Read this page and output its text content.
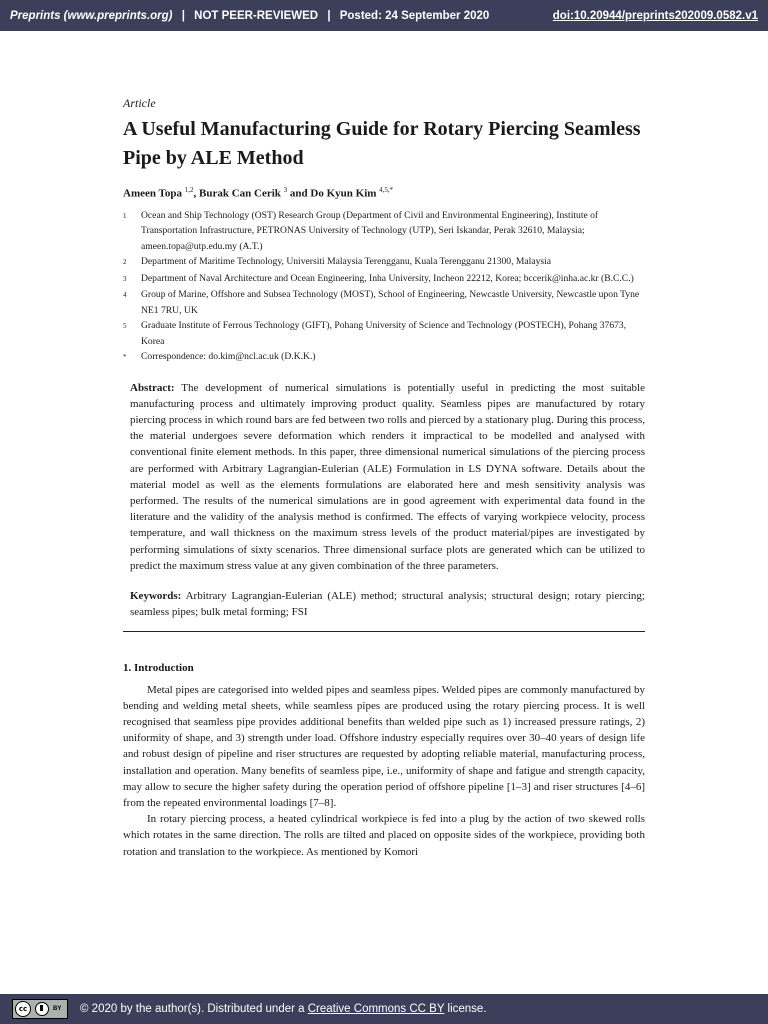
Preprints (www.preprints.org) | NOT PEER-REVIEWED | Posted: 24 September 2020	doi:10.20944/preprints202009.0582.v1
Article
A Useful Manufacturing Guide for Rotary Piercing Seamless Pipe by ALE Method
Ameen Topa $^{1,2}$, Burak Can Cerik $^3$ and Do Kyun Kim $^{4,5,*}$
1	Ocean and Ship Technology (OST) Research Group (Department of Civil and Environmental Engineering), Institute of Transportation Infrastructure, PETRONAS University of Technology (UTP), Seri Iskandar, Perak 32610, Malaysia; ameen.topa@utp.edu.my (A.T.)
2	Department of Maritime Technology, Universiti Malaysia Terengganu, Kuala Terengganu 21300, Malaysia
3	Department of Naval Architecture and Ocean Engineering, Inha University, Incheon 22212, Korea; bccerik@inha.ac.kr (B.C.C.)
4	Group of Marine, Offshore and Subsea Technology (MOST), School of Engineering, Newcastle University, Newcastle upon Tyne NE1 7RU, UK
5	Graduate Institute of Ferrous Technology (GIFT), Pohang University of Science and Technology (POSTECH), Pohang 37673, Korea
*	Correspondence: do.kim@ncl.ac.uk (D.K.K.)
Abstract: The development of numerical simulations is potentially useful in predicting the most suitable manufacturing process and ultimately improving product quality. Seamless pipes are manufactured by rotary piercing process in which round bars are fed between two rolls and pierced by a stationary plug. During this process, the material undergoes severe deformation which renders it impractical to be modelled and analysed with conventional finite element methods. In this paper, three dimensional numerical simulations of the piercing process are performed with Arbitrary Lagrangian-Eulerian (ALE) Formulation in LS DYNA software. Details about the material model as well as the elements formulations are elaborated here and mesh sensitivity analysis was performed. The results of the numerical simulations are in good agreement with experimental data found in the literature and the validity of the analysis method is confirmed. The effects of varying workpiece velocity, process temperature, and wall thickness on the maximum stress levels of the product material/pipes are investigated by performing simulations of sixty scenarios. Three dimensional surface plots are generated which can be utilized to predict the maximum stress value at any given combination of the three parameters.
Keywords: Arbitrary Lagrangian-Eulerian (ALE) method; structural analysis; structural design; rotary piercing; seamless pipes; bulk metal forming; FSI
1. Introduction
Metal pipes are categorised into welded pipes and seamless pipes. Welded pipes are commonly manufactured by bending and welding metal sheets, while seamless pipes are produced using the rotary piercing process. It is well recognised that seamless pipe provides additional benefits than welded pipe such as 1) increased pressure ratings, 2) uniformity of shape, and 3) strength under load. Offshore industry especially requires over 30–40 years of design life and robust design of pipeline and riser structures are requested by adopting reliable material, manufacturing process, installation and operation. Many benefits of seamless pipe, i.e., uniformity of shape and fatigue and strength capacity, may allow to secure the higher safety during the operation period of offshore pipeline [1–3] and riser structures [4–6] from the repeated environmental loadings [7–8].
In rotary piercing process, a heated cylindrical workpiece is fed into a plug by the action of two skewed rolls which rotates in the same direction. The rolls are tilted and placed on opposite sides of the workpiece, providing both rotation and translation to the workpiece. As mentioned by Komori
cc	BY © 2020 by the author(s). Distributed under a Creative Commons CC BY license.
